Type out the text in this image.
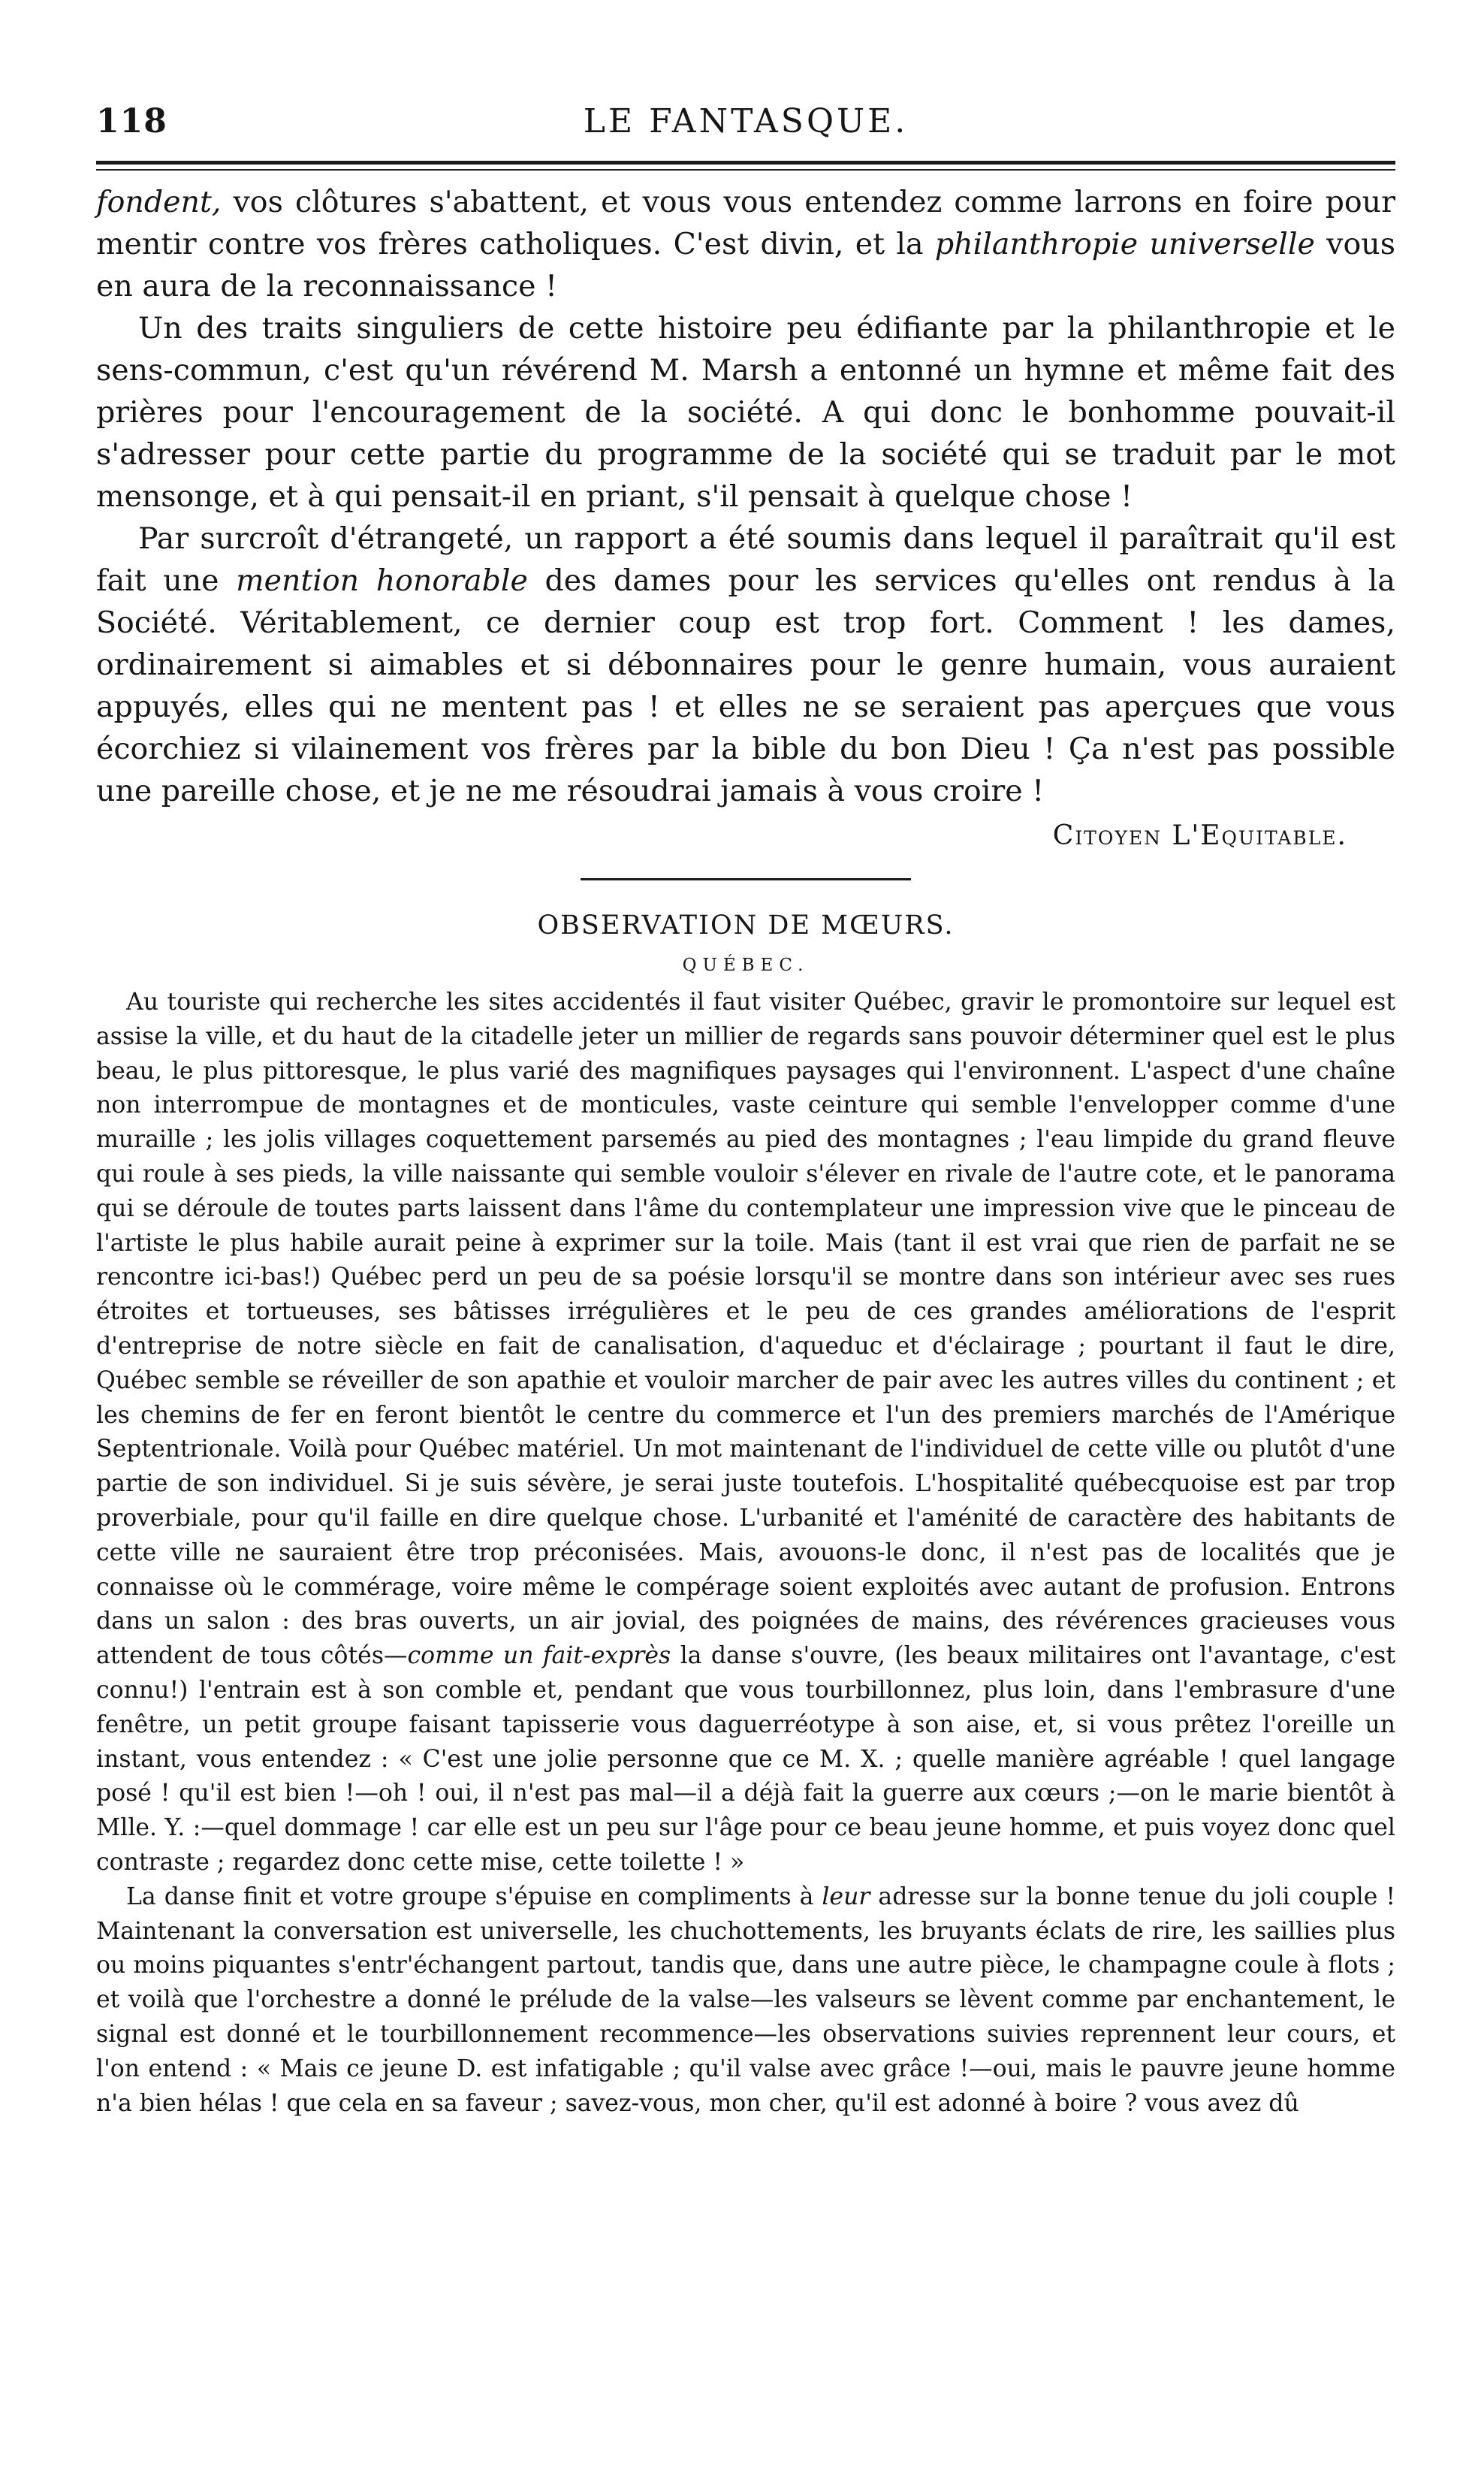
118	LE FANTASQUE.

fondent, vos clôtures s'abattent, et vous vous entendez comme larrons en foire pour mentir contre vos frères catholiques. C'est divin, et la philanthropie universelle vous en aura de la reconnaissance !

Un des traits singuliers de cette histoire peu édifiante par la philanthropie et le sens-commun, c'est qu'un révérend M. Marsh a entonné un hymne et même fait des prières pour l'encouragement de la société. A qui donc le bonhomme pouvait-il s'adresser pour cette partie du programme de la société qui se traduit par le mot mensonge, et à qui pensait-il en priant, s'il pensait à quelque chose !

Par surcroît d'étrangeté, un rapport a été soumis dans lequel il paraîtrait qu'il est fait une mention honorable des dames pour les services qu'elles ont rendus à la Société. Véritablement, ce dernier coup est trop fort. Comment ! les dames, ordinairement si aimables et si débonnaires pour le genre humain, vous auraient appuyés, elles qui ne mentent pas ! et elles ne se seraient pas aperçues que vous écorchiez si vilainement vos frères par la bible du bon Dieu ! Ça n'est pas possible une pareille chose, et je ne me résoudrai jamais à vous croire !

Citoyen L'Equitable.
OBSERVATION DE MŒURS.
QUÉBEC.

Au touriste qui recherche les sites accidentés il faut visiter Québec, gravir le promontoire sur lequel est assise la ville, et du haut de la citadelle jeter un millier de regards sans pouvoir déterminer quel est le plus beau, le plus pittoresque, le plus varié des magnifiques paysages qui l'environnent. L'aspect d'une chaîne non interrompue de montagnes et de monticules, vaste ceinture qui semble l'envelopper comme d'une muraille ; les jolis villages coquettement parsemés au pied des montagnes ; l'eau limpide du grand fleuve qui roule à ses pieds, la ville naissante qui semble vouloir s'élever en rivale de l'autre cote, et le panorama qui se déroule de toutes parts laissent dans l'âme du contemplateur une impression vive que le pinceau de l'artiste le plus habile aurait peine à exprimer sur la toile. Mais (tant il est vrai que rien de parfait ne se rencontre ici-bas!) Québec perd un peu de sa poésie lorsqu'il se montre dans son intérieur avec ses rues étroites et tortueuses, ses bâtisses irrégulières et le peu de ces grandes améliorations de l'esprit d'entreprise de notre siècle en fait de canalisation, d'aqueduc et d'éclairage ; pourtant il faut le dire, Québec semble se réveiller de son apathie et vouloir marcher de pair avec les autres villes du continent ; et les chemins de fer en feront bientôt le centre du commerce et l'un des premiers marchés de l'Amérique Septentrionale. Voilà pour Québec matériel. Un mot maintenant de l'individuel de cette ville ou plutôt d'une partie de son individuel. Si je suis sévère, je serai juste toutefois. L'hospitalité québecquoise est par trop proverbiale, pour qu'il faille en dire quelque chose. L'urbanité et l'aménité de caractère des habitants de cette ville ne sauraient être trop préconisées. Mais, avouons-le donc, il n'est pas de localités que je connaisse où le commérage, voire même le compérage soient exploités avec autant de profusion. Entrons dans un salon : des bras ouverts, un air jovial, des poignées de mains, des révérences gracieuses vous attendent de tous côtés—comme un fait-exprès la danse s'ouvre, (les beaux militaires ont l'avantage, c'est connu!) l'entrain est à son comble et, pendant que vous tourbillonnez, plus loin, dans l'embrasure d'une fenêtre, un petit groupe faisant tapisserie vous daguerréotype à son aise, et, si vous prêtez l'oreille un instant, vous entendez : « C'est une jolie personne que ce M. X. ; quelle manière agréable ! quel langage posé ! qu'il est bien !—oh ! oui, il n'est pas mal—il a déjà fait la guerre aux cœurs ;—on le marie bientôt à Mlle. Y. :—quel dommage ! car elle est un peu sur l'âge pour ce beau jeune homme, et puis voyez donc quel contraste ; regardez donc cette mise, cette toilette ! »

La danse finit et votre groupe s'épuise en compliments à leur adresse sur la bonne tenue du joli couple ! Maintenant la conversation est universelle, les chuchottements, les bruyants éclats de rire, les saillies plus ou moins piquantes s'entr'échangent partout, tandis que, dans une autre pièce, le champagne coule à flots ; et voilà que l'orchestre a donné le prélude de la valse—les valseurs se lèvent comme par enchantement, le signal est donné et le tourbillonnement recommence—les observations suivies reprennent leur cours, et l'on entend : « Mais ce jeune D. est infatigable ; qu'il valse avec grâce !—oui, mais le pauvre jeune homme n'a bien hélas ! que cela en sa faveur ; savez-vous, mon cher, qu'il est adonné à boire ? vous avez dû
